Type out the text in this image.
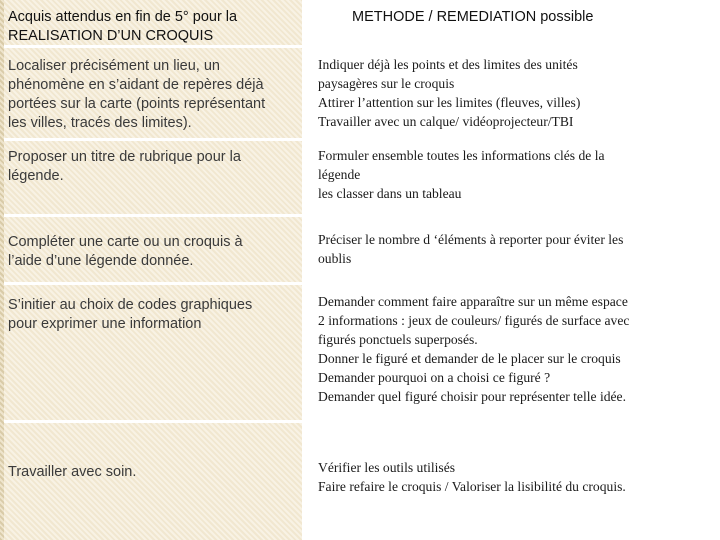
Acquis attendus en fin de 5° pour la
REALISATION D’UN CROQUIS
METHODE / REMEDIATION possible
Localiser précisément un lieu, un
phénomène en s’aidant de repères déjà
portées sur la carte (points représentant
les villes, tracés des limites).
Indiquer déjà les points et des limites des unités
paysagères sur le croquis
Attirer l’attention sur les limites (fleuves, villes)
Travailler avec un calque/ vidéoprojecteur/TBI
Proposer un titre de rubrique pour la
légende.
Formuler ensemble toutes les informations clés de la
légende
les classer dans un tableau
Compléter une carte ou un croquis à
l’aide d’une légende donnée.
Préciser le nombre d ‘éléments à reporter pour éviter les
oublis
S’initier au choix de codes graphiques
pour exprimer une information
Demander comment faire apparaître sur un même espace
2 informations : jeux de couleurs/ figurés de surface avec
figurés ponctuels superposés.
Donner le figuré et demander de le placer sur le croquis
Demander pourquoi on a choisi ce figuré ?
Demander quel figuré choisir pour représenter telle idée.
Travailler avec soin.	Vérifier les outils utilisés
Faire refaire le croquis / Valoriser la lisibilité du croquis.
